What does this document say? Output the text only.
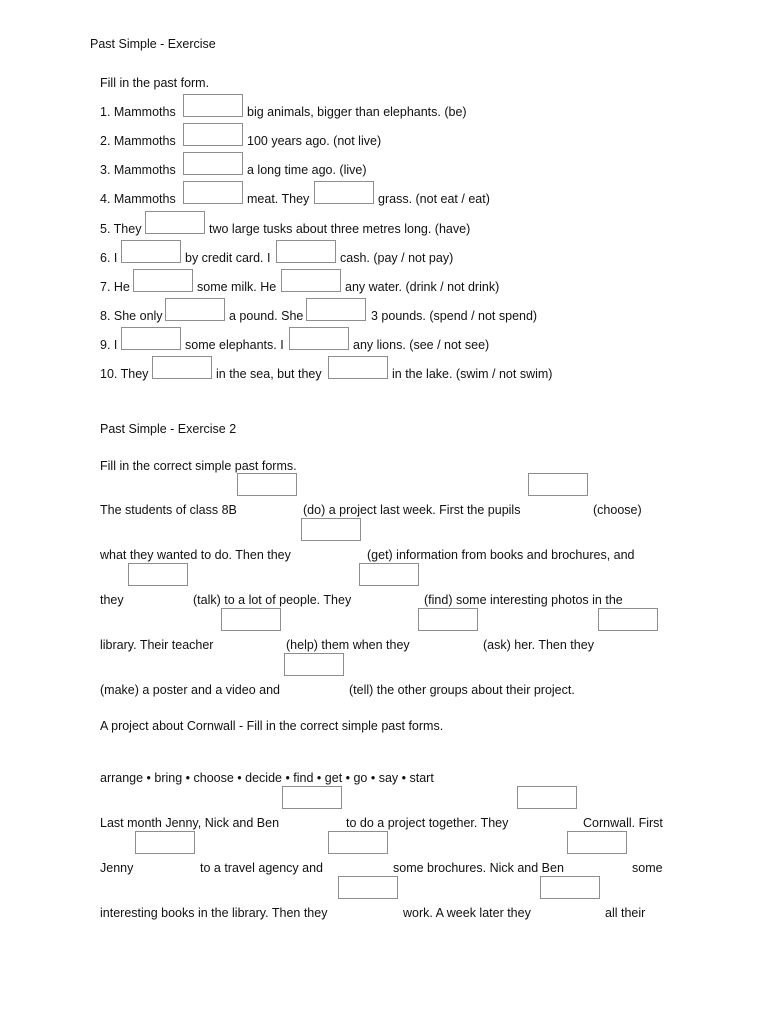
Past Simple - Exercise
Fill in the past form.
1. Mammoths	big animals, bigger than elephants. (be)
2. Mammoths	100 years ago. (not live)
3. Mammoths	a long time ago. (live)
4. Mammoths	meat. They	grass. (not eat / eat)
5. They	two large tusks about three metres long. (have)
6. I	by credit card. I	cash. (pay / not pay)
7. He	some milk. He	any water. (drink / not drink)
8. She only	a pound. She	3 pounds. (spend / not spend)
9. I	some elephants. I	any lions. (see / not see)
10. They	in the sea, but they	in the lake. (swim / not swim)
Past Simple - Exercise 2
Fill in the correct simple past forms.
The students of class 8B	(do) a project last week. First the pupils	(choose)
what they wanted to do. Then they	(get) information from books and brochures, and
they	(talk) to a lot of people. They	(find) some interesting photos in the
library. Their teacher	(help) them when they	(ask) her. Then they
(make) a poster and a video and	(tell) the other groups about their project.
A project about Cornwall - Fill in the correct simple past forms.
arrange • bring • choose • decide • find • get • go • say • start
Last month Jenny, Nick and Ben	to do a project together. They	Cornwall. First
Jenny	to a travel agency and	some brochures. Nick and Ben	some
interesting books in the library. Then they	work. A week later they	all their
